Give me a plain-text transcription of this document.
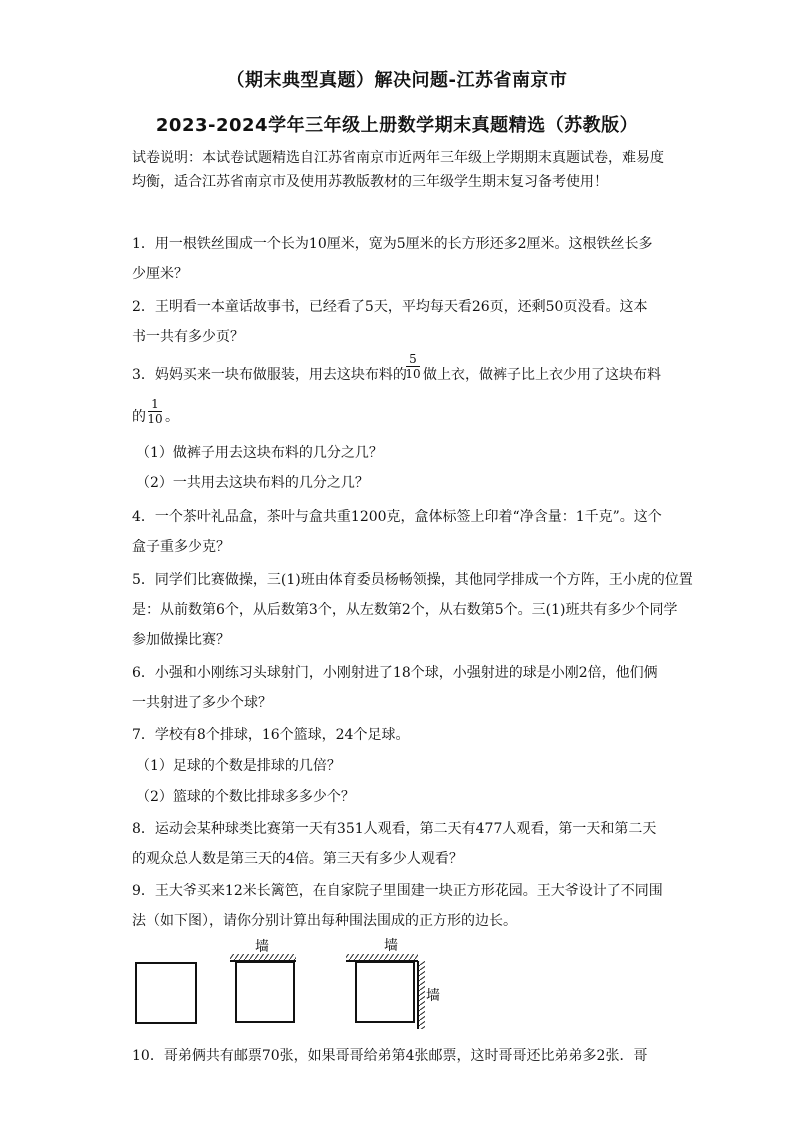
（期末典型真题）解决问题-江苏省南京市
2023-2024学年三年级上册数学期末真题精选（苏教版）
试卷说明：本试卷试题精选自江苏省南京市近两年三年级上学期期末真题试卷，难易度均衡，适合江苏省南京市及使用苏教版教材的三年级学生期末复习备考使用！
1．用一根铁丝围成一个长为10厘米，宽为5厘米的长方形还多2厘米。这根铁丝长多
少厘米？
2．王明看一本童话故事书，已经看了5天，平均每天看26页，还剩50页没看。这本
书一共有多少页？
3．妈妈买来一块布做服装，用去这块布料的
5
10 做上衣，做裤子比上衣少用了这块布料
的
1
10 。
（1）做裤子用去这块布料的几分之几？
（2）一共用去这块布料的几分之几？
4．一个茶叶礼品盒，茶叶与盒共重1200克，盒体标签上印着“净含量：1千克”。这个
盒子重多少克？
5．同学们比赛做操，三(1)班由体育委员杨畅领操，其他同学排成一个方阵，王小虎的位置
是：从前数第6个，从后数第3个，从左数第2个，从右数第5个。三(1)班共有多少个同学
参加做操比赛？
6．小强和小刚练习头球射门，小刚射进了18个球，小强射进的球是小刚2倍，他们俩
一共射进了多少个球？
7．学校有8个排球，16个篮球，24个足球。
（1）足球的个数是排球的几倍？
（2）篮球的个数比排球多多少个？
8．运动会某种球类比赛第一天有351人观看，第二天有477人观看，第一天和第二天
的观众总人数是第三天的4倍。第三天有多少人观看？
9．王大爷买来12米长篱笆，在自家院子里围建一块正方形花园。王大爷设计了不同围
法（如下图），请你分别计算出每种围法围成的正方形的边长。
墙	墙
墙
10．哥弟俩共有邮票70张，如果哥哥给弟第4张邮票，这时哥哥还比弟弟多2张．哥
